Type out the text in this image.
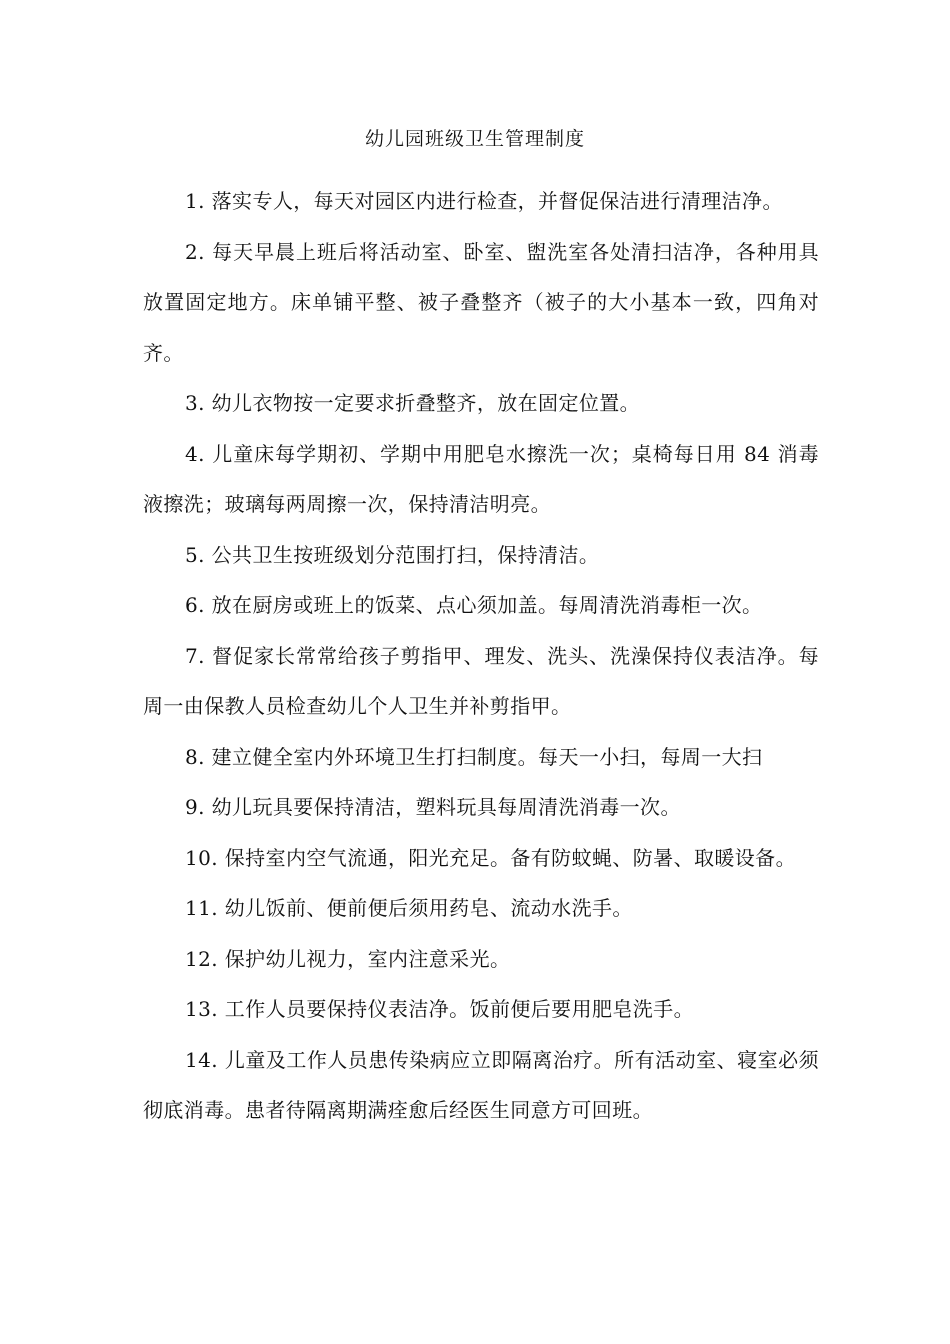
幼儿园班级卫生管理制度

1. 落实专人，每天对园区内进行检查，并督促保洁进行清理洁净。

2. 每天早晨上班后将活动室、卧室、盥洗室各处清扫洁净，各种用具放置固定地方。床单铺平整、被子叠整齐（被子的大小基本一致，四角对齐。

3. 幼儿衣物按一定要求折叠整齐，放在固定位置。

4. 儿童床每学期初、学期中用肥皂水擦洗一次；桌椅每日用 84 消毒液擦洗；玻璃每两周擦一次，保持清洁明亮。

5. 公共卫生按班级划分范围打扫，保持清洁。

6. 放在厨房或班上的饭菜、点心须加盖。每周清洗消毒柜一次。

7. 督促家长常常给孩子剪指甲、理发、洗头、洗澡保持仪表洁净。每周一由保教人员检查幼儿个人卫生并补剪指甲。

8. 建立健全室内外环境卫生打扫制度。每天一小扫，每周一大扫

9. 幼儿玩具要保持清洁，塑料玩具每周清洗消毒一次。

10. 保持室内空气流通，阳光充足。备有防蚊蝇、防暑、取暖设备。

11. 幼儿饭前、便前便后须用药皂、流动水洗手。

12. 保护幼儿视力，室内注意采光。

13. 工作人员要保持仪表洁净。饭前便后要用肥皂洗手。

14. 儿童及工作人员患传染病应立即隔离治疗。所有活动室、寝室必须彻底消毒。患者待隔离期满痊愈后经医生同意方可回班。
